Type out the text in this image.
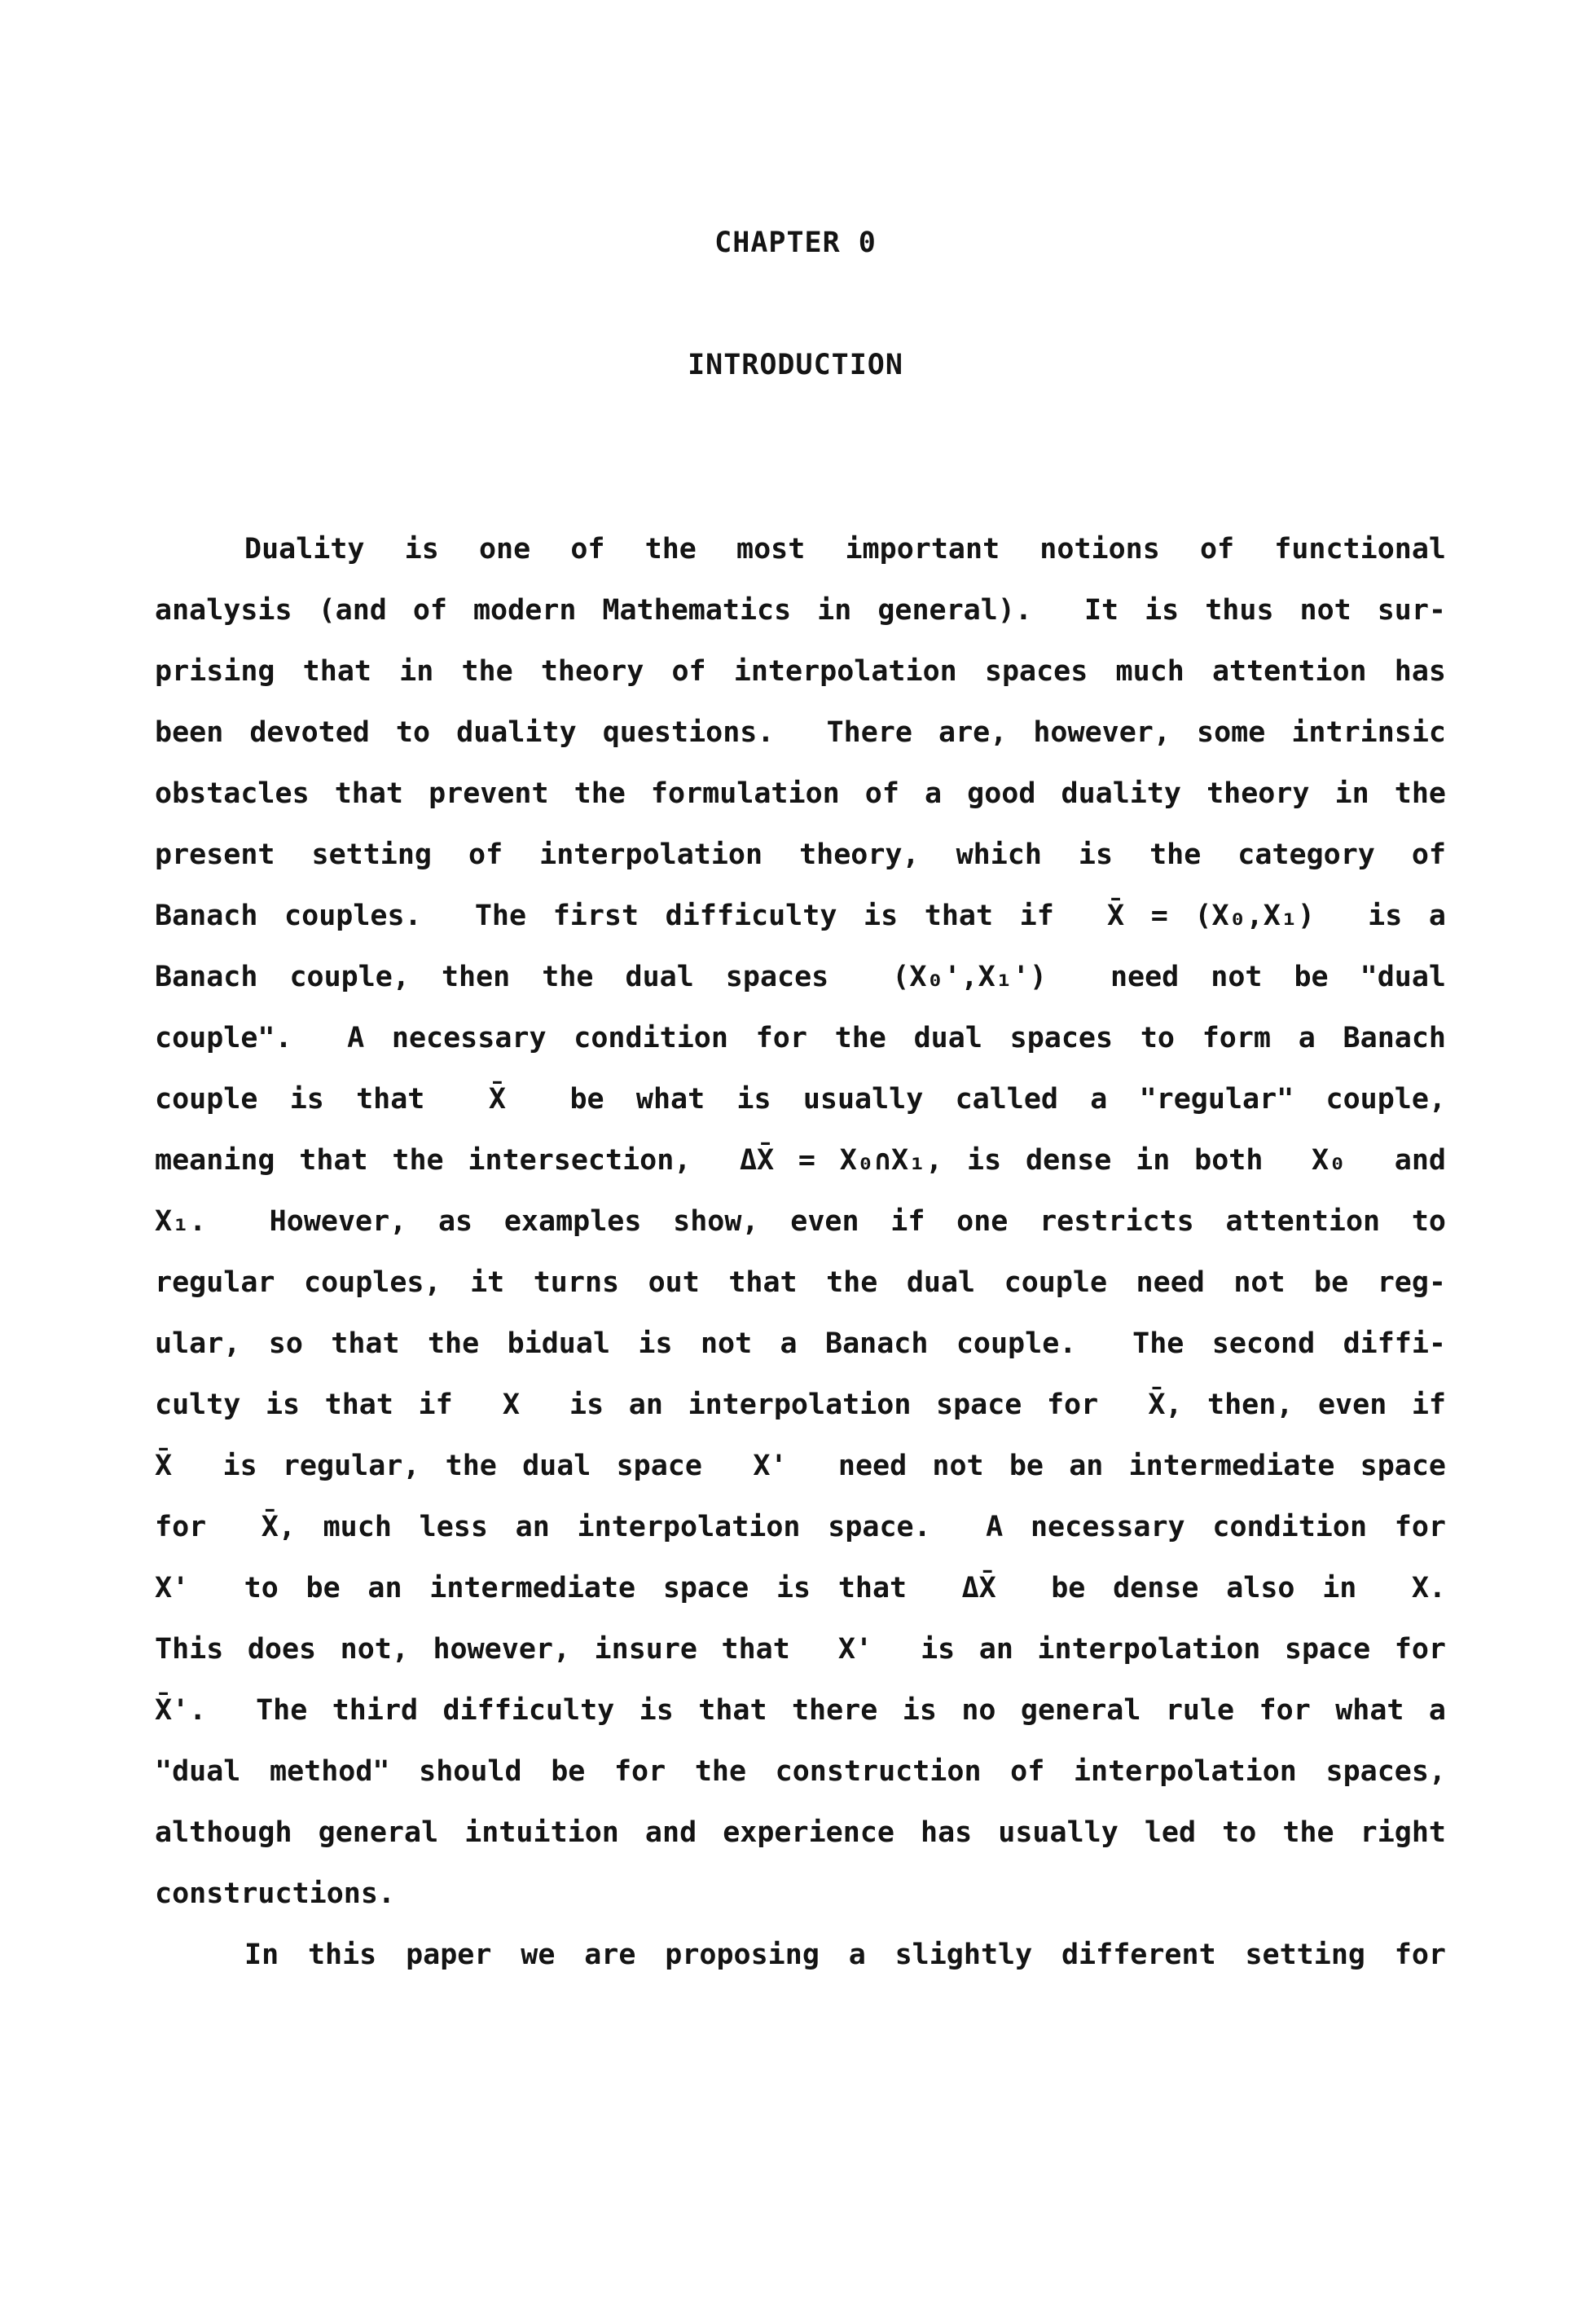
CHAPTER 0
INTRODUCTION
Duality is one of the most important notions of functional
analysis (and of modern Mathematics in general).  It is thus not sur-
prising that in the theory of interpolation spaces much attention has
been devoted to duality questions.  There are, however, some intrinsic
obstacles that prevent the formulation of a good duality theory in the
present setting of interpolation theory, which is the category of
Banach couples.  The first difficulty is that if  X̄ = (X₀,X₁)  is a
Banach couple, then the dual spaces  (X₀',X₁')  need not be "dual
couple".  A necessary condition for the dual spaces to form a Banach
couple is that  X̄  be what is usually called a "regular" couple,
meaning that the intersection,  ΔX̄ = X₀∩X₁, is dense in both  X₀  and
X₁.  However, as examples show, even if one restricts attention to
regular couples, it turns out that the dual couple need not be reg-
ular, so that the bidual is not a Banach couple.  The second diffi-
culty is that if  X  is an interpolation space for  X̄, then, even if
X̄  is regular, the dual space  X'  need not be an intermediate space
for  X̄, much less an interpolation space.  A necessary condition for
X'  to be an intermediate space is that  ΔX̄  be dense also in  X.
This does not, however, insure that  X'  is an interpolation space for
X̄'.  The third difficulty is that there is no general rule for what a
"dual method" should be for the construction of interpolation spaces,
although general intuition and experience has usually led to the right
constructions.
In this paper we are proposing a slightly different setting for
